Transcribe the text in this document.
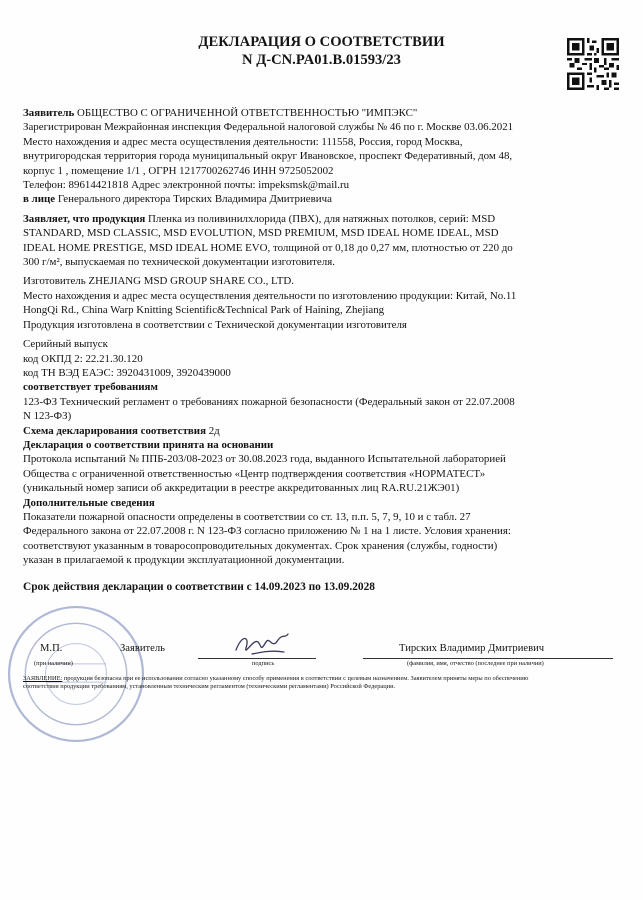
ДЕКЛАРАЦИЯ О СООТВЕТСТВИИ
N Д-CN.PA01.B.01593/23

Заявитель ОБЩЕСТВО С ОГРАНИЧЕННОЙ ОТВЕТСТВЕННОСТЬЮ "ИМПЭКС"

Зарегистрирован Межрайонная инспекция Федеральной налоговой службы № 46 по г. Москве 03.06.2021

Место нахождения и адрес места осуществления деятельности: 111558, Россия, город Москва,

внутригородская территория города муниципальный округ Ивановское, проспект Федеративный, дом 48,

корпус 1 , помещение 1/1 , ОГРН 1217700262746 ИНН 9725052002

Телефон: 89614421818 Адрес электронной почты: impeksmsk@mail.ru

в лице Генерального директора Тирских Владимира Дмитриевича

Заявляет, что продукция Пленка из поливинилхлорида (ПВХ), для натяжных потолков, серий: MSD

STANDARD, MSD CLASSIC, MSD EVOLUTION, MSD PREMIUM, MSD IDEAL HOME IDEAL, MSD

IDEAL HOME PRESTIGE, MSD IDEAL HOME EVO, толщиной от 0,18 до 0,27 мм, плотностью от 220 до

300 г/м², выпускаемая по технической документации изготовителя.

Изготовитель ZHEJIANG MSD GROUP SHARE CO., LTD.

Место нахождения и адрес места осуществления деятельности по изготовлению продукции: Китай, No.11

HongQi Rd., China Warp Knitting Scientific&Technical Park of Haining, Zhejiang

Продукция изготовлена в соответствии с Технической документации изготовителя

Серийный выпуск

код ОКПД 2: 22.21.30.120

код ТН ВЭД ЕАЭС: 3920431009, 3920439000

соответствует требованиям

123-ФЗ Технический регламент о требованиях пожарной безопасности (Федеральный закон от 22.07.2008

N 123-ФЗ)

Схема декларирования соответствия 2д

Декларация о соответствии принята на основании

Протокола испытаний № ППБ-203/08-2023 от 30.08.2023 года, выданного Испытательной лабораторией

Общества с ограниченной ответственностью «Центр подтверждения соответствия «НОРМАТЕСТ»

(уникальный номер записи об аккредитации в реестре аккредитованных лиц RA.RU.21ЖЭ01)

Дополнительные сведения

Показатели пожарной опасности определены в соответствии со ст. 13, п.п. 5, 7, 9, 10 и с табл. 27

Федерального закона от 22.07.2008 г. N 123-ФЗ согласно приложению № 1 на 1 листе. Условия хранения:

соответствуют указанным в товаросопроводительных документах. Срок хранения (службы, годности)

указан в прилагаемой к продукции эксплуатационной документации.

Срок действия декларации о соответствии с 14.09.2023 по 13.09.2028

М.П.	Заявитель	Тирских Владимир Дмитриевич
(при наличии)	подпись	(фамилия, имя, отчество (последнее при наличии)
ЗАЯВЛЕНИЕ: продукция безопасна при ее использовании согласно указанному способу применения в соответствии с целевым назначением. Заявителем приняты меры по обеспечению
соответствия продукции требованиям, установленным техническим регламентом (техническими регламентами) Российской Федерации.
